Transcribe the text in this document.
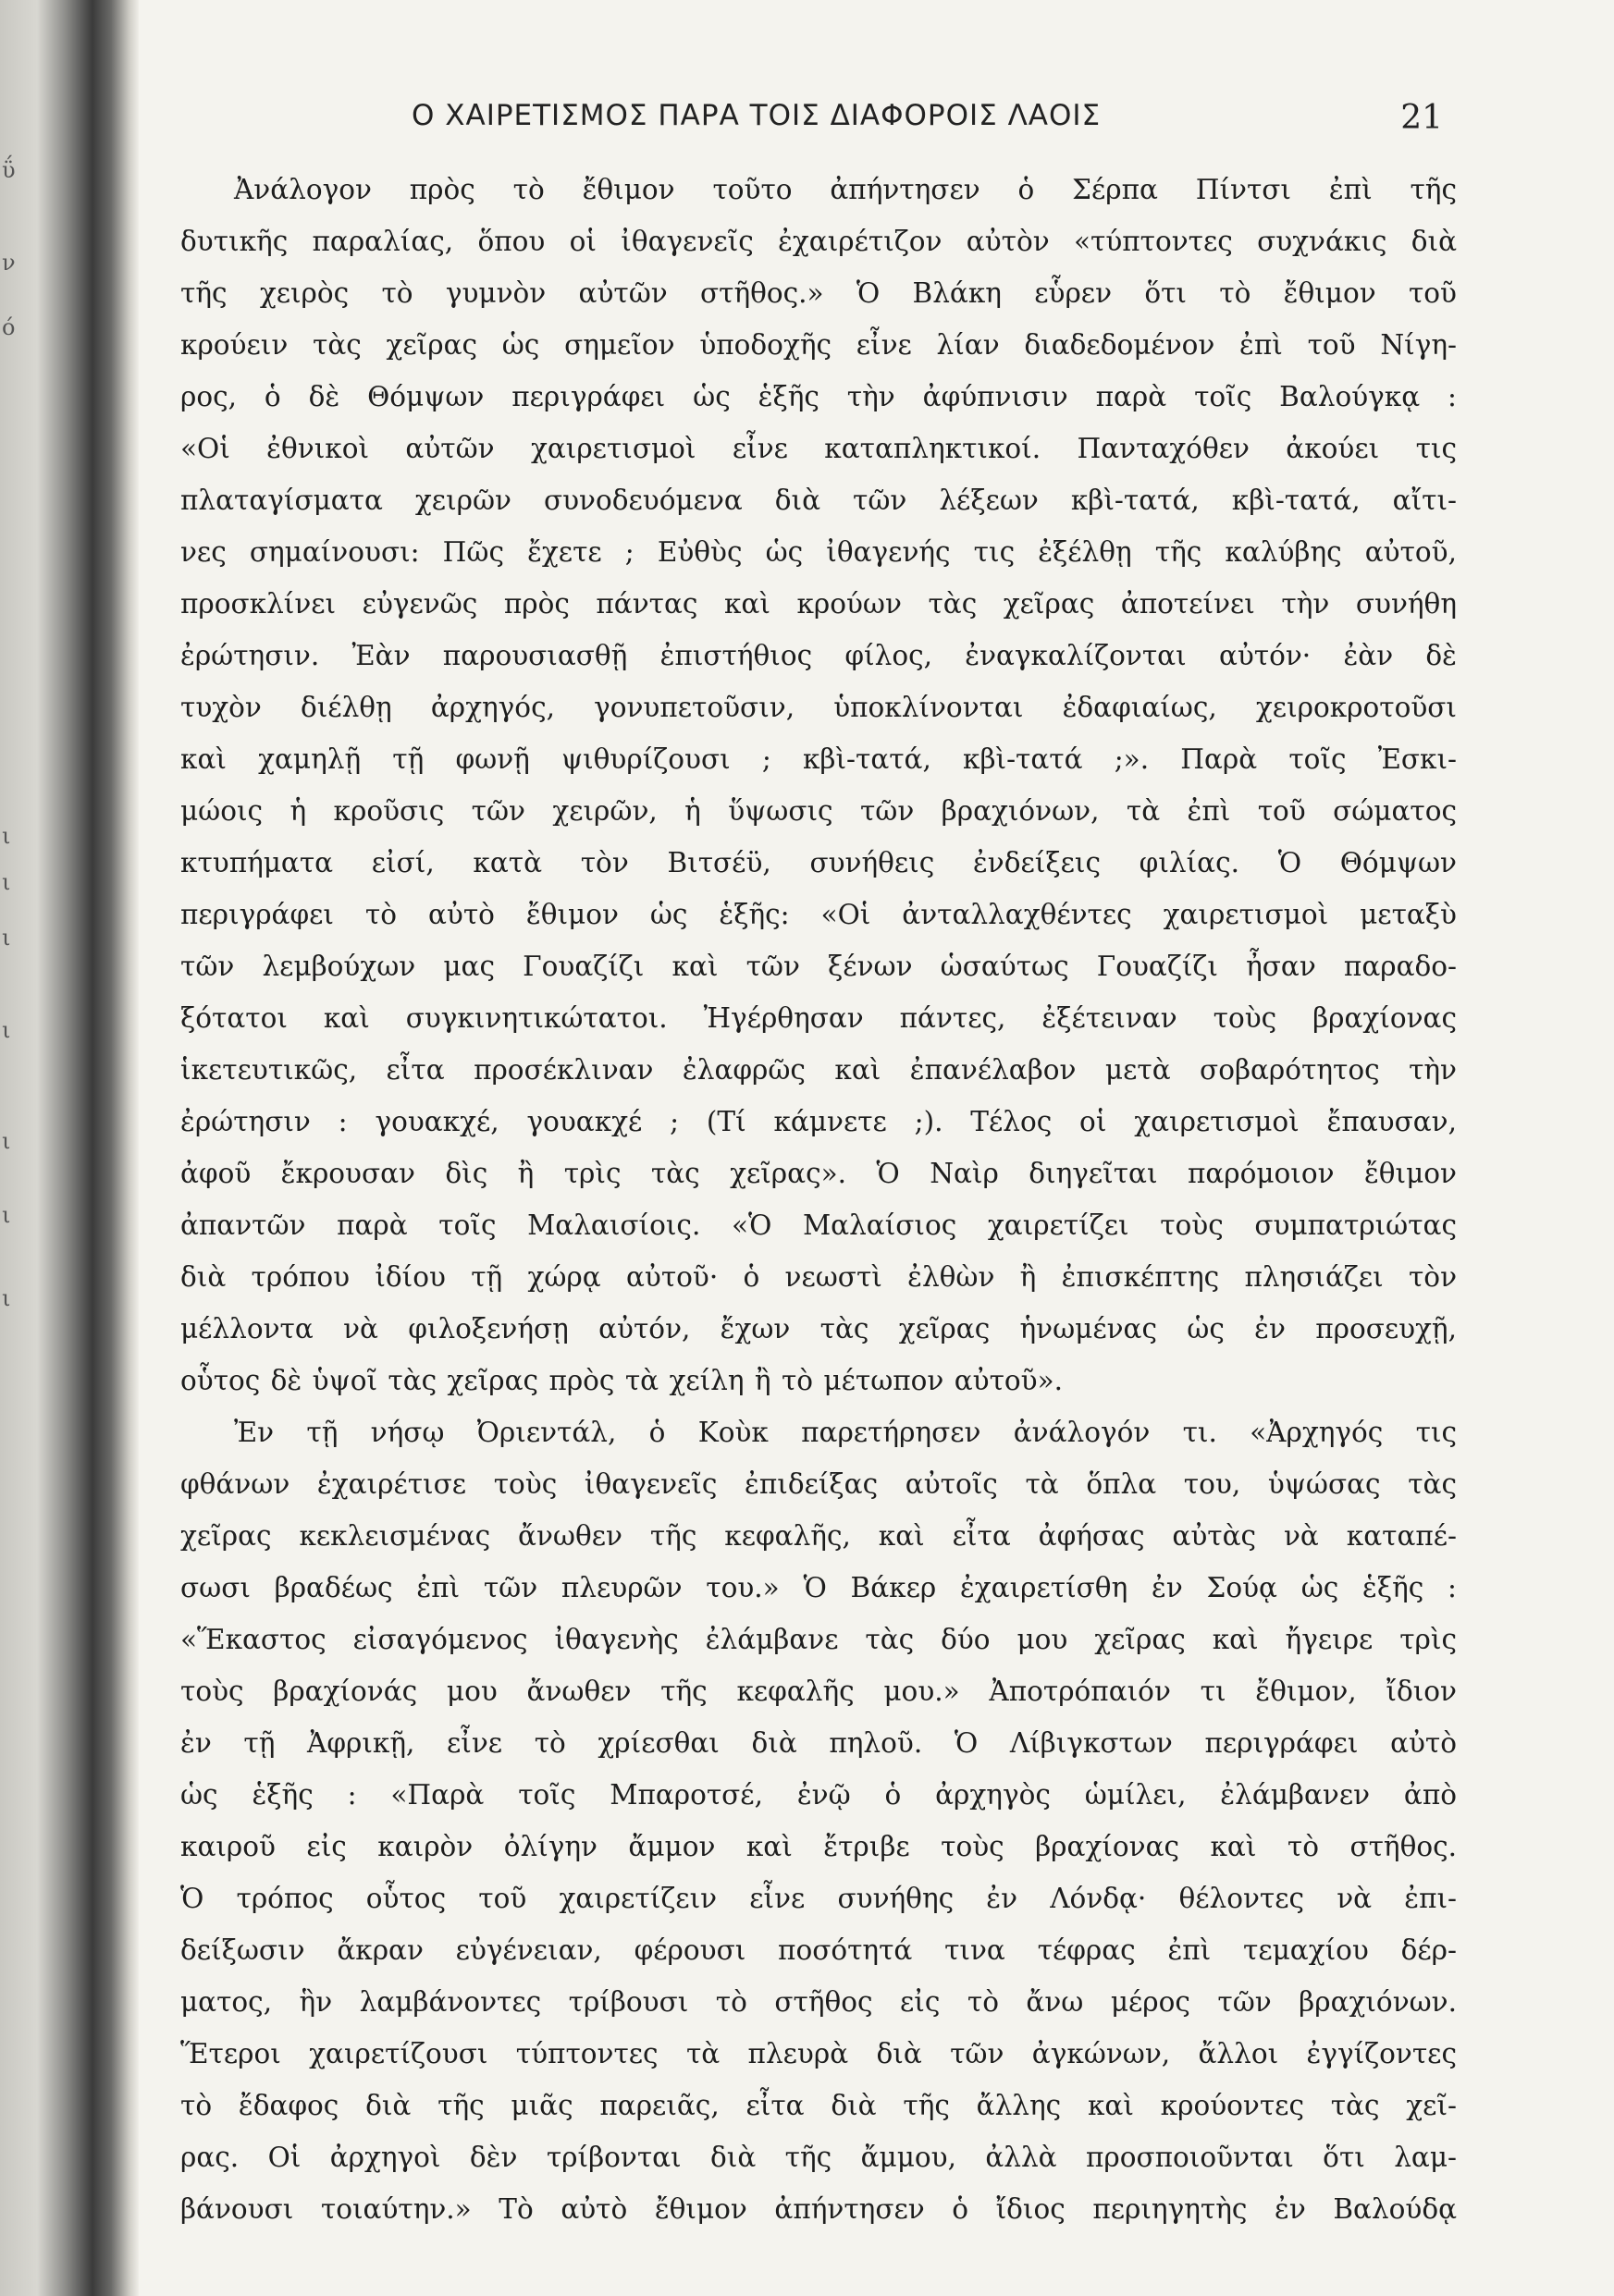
ΰ
ν
ό
ι
ι
ι
ι
ι
ι
ι
Ο ΧΑΙΡΕΤΙΣΜΟΣ ΠΑΡΑ ΤΟΙΣ ΔΙΑΦΟΡΟΙΣ ΛΑΟΙΣ	21
Ἀνάλογον πρὸς τὸ ἔθιμον τοῦτο ἀπήντησεν ὁ Σέρπα Πίντσι ἐπὶ τῆς
δυτικῆς παραλίας, ὅπου οἱ ἰθαγενεῖς ἐχαιρέτιζον αὐτὸν «τύπτοντες συχνάκις διὰ
τῆς χειρὸς τὸ γυμνὸν αὐτῶν στῆθος.» Ὁ Βλάκη εὗρεν ὅτι τὸ ἔθιμον τοῦ
κρούειν τὰς χεῖρας ὡς σημεῖον ὑποδοχῆς εἶνε λίαν διαδεδομένον ἐπὶ τοῦ Νίγη-
ρος, ὁ δὲ Θόμψων περιγράφει ὡς ἑξῆς τὴν ἀφύπνισιν παρὰ τοῖς Βαλούγκᾳ :
«Οἱ ἐθνικοὶ αὐτῶν χαιρετισμοὶ εἶνε καταπληκτικοί. Πανταχόθεν ἀκούει τις
πλαταγίσματα χειρῶν συνοδευόμενα διὰ τῶν λέξεων κβὶ-τατά, κβὶ-τατά, αἴτι-
νες σημαίνουσι: Πῶς ἔχετε ; Εὐθὺς ὡς ἰθαγενής τις ἐξέλθῃ τῆς καλύβης αὐτοῦ,
προσκλίνει εὐγενῶς πρὸς πάντας καὶ κρούων τὰς χεῖρας ἀποτείνει τὴν συνήθη
ἐρώτησιν. Ἐὰν παρουσιασθῇ ἐπιστήθιος φίλος, ἐναγκαλίζονται αὐτόν· ἐὰν δὲ
τυχὸν διέλθῃ ἀρχηγός, γονυπετοῦσιν, ὑποκλίνονται ἐδαφιαίως, χειροκροτοῦσι
καὶ χαμηλῇ τῇ φωνῇ ψιθυρίζουσι ; κβὶ-τατά, κβὶ-τατά ;». Παρὰ τοῖς Ἐσκι-
μώοις ἡ κροῦσις τῶν χειρῶν, ἡ ὕψωσις τῶν βραχιόνων, τὰ ἐπὶ τοῦ σώματος
κτυπήματα εἰσί, κατὰ τὸν Βιτσέϋ, συνήθεις ἐνδείξεις φιλίας. Ὁ Θόμψων
περιγράφει τὸ αὐτὸ ἔθιμον ὡς ἑξῆς: «Οἱ ἀνταλλαχθέντες χαιρετισμοὶ μεταξὺ
τῶν λεμβούχων μας Γουαζίζι καὶ τῶν ξένων ὡσαύτως Γουαζίζι ἦσαν παραδο-
ξότατοι καὶ συγκινητικώτατοι. Ἠγέρθησαν πάντες, ἐξέτειναν τοὺς βραχίονας
ἱκετευτικῶς, εἶτα προσέκλιναν ἐλαφρῶς καὶ ἐπανέλαβον μετὰ σοβαρότητος τὴν
ἐρώτησιν : γουακχέ, γουακχέ ; (Τί κάμνετε ;). Τέλος οἱ χαιρετισμοὶ ἔπαυσαν,
ἀφοῦ ἔκρουσαν δὶς ἢ τρὶς τὰς χεῖρας». Ὁ Ναὶρ διηγεῖται παρόμοιον ἔθιμον
ἀπαντῶν παρὰ τοῖς Μαλαισίοις. «Ὁ Μαλαίσιος χαιρετίζει τοὺς συμπατριώτας
διὰ τρόπου ἰδίου τῇ χώρᾳ αὐτοῦ· ὁ νεωστὶ ἐλθὼν ἢ ἐπισκέπτης πλησιάζει τὸν
μέλλοντα νὰ φιλοξενήσῃ αὐτόν, ἔχων τὰς χεῖρας ἡνωμένας ὡς ἐν προσευχῇ,
οὗτος δὲ ὑψοῖ τὰς χεῖρας πρὸς τὰ χείλη ἢ τὸ μέτωπον αὐτοῦ».
Ἐν τῇ νήσῳ Ὀριεντάλ, ὁ Κοὺκ παρετήρησεν ἀνάλογόν τι. «Ἀρχηγός τις
φθάνων ἐχαιρέτισε τοὺς ἰθαγενεῖς ἐπιδείξας αὐτοῖς τὰ ὅπλα του, ὑψώσας τὰς
χεῖρας κεκλεισμένας ἄνωθεν τῆς κεφαλῆς, καὶ εἶτα ἀφήσας αὐτὰς νὰ καταπέ-
σωσι βραδέως ἐπὶ τῶν πλευρῶν του.» Ὁ Βάκερ ἐχαιρετίσθη ἐν Σούᾳ ὡς ἑξῆς :
«Ἕκαστος εἰσαγόμενος ἰθαγενὴς ἐλάμβανε τὰς δύο μου χεῖρας καὶ ἤγειρε τρὶς
τοὺς βραχίονάς μου ἄνωθεν τῆς κεφαλῆς μου.» Ἀποτρόπαιόν τι ἔθιμον, ἴδιον
ἐν τῇ Ἀφρικῇ, εἶνε τὸ χρίεσθαι διὰ πηλοῦ. Ὁ Λίβιγκστων περιγράφει αὐτὸ
ὡς ἑξῆς : «Παρὰ τοῖς Μπαροτσέ, ἐνῷ ὁ ἀρχηγὸς ὡμίλει, ἐλάμβανεν ἀπὸ
καιροῦ εἰς καιρὸν ὀλίγην ἄμμον καὶ ἔτριβε τοὺς βραχίονας καὶ τὸ στῆθος.
Ὁ τρόπος οὗτος τοῦ χαιρετίζειν εἶνε συνήθης ἐν Λόνδᾳ· θέλοντες νὰ ἐπι-
δείξωσιν ἄκραν εὐγένειαν, φέρουσι ποσότητά τινα τέφρας ἐπὶ τεμαχίου δέρ-
ματος, ἣν λαμβάνοντες τρίβουσι τὸ στῆθος εἰς τὸ ἄνω μέρος τῶν βραχιόνων.
Ἕτεροι χαιρετίζουσι τύπτοντες τὰ πλευρὰ διὰ τῶν ἀγκώνων, ἄλλοι ἐγγίζοντες
τὸ ἔδαφος διὰ τῆς μιᾶς παρειᾶς, εἶτα διὰ τῆς ἄλλης καὶ κρούοντες τὰς χεῖ-
ρας. Οἱ ἀρχηγοὶ δὲν τρίβονται διὰ τῆς ἄμμου, ἀλλὰ προσποιοῦνται ὅτι λαμ-
βάνουσι τοιαύτην.» Τὸ αὐτὸ ἔθιμον ἀπήντησεν ὁ ἴδιος περιηγητὴς ἐν Βαλούδᾳ
